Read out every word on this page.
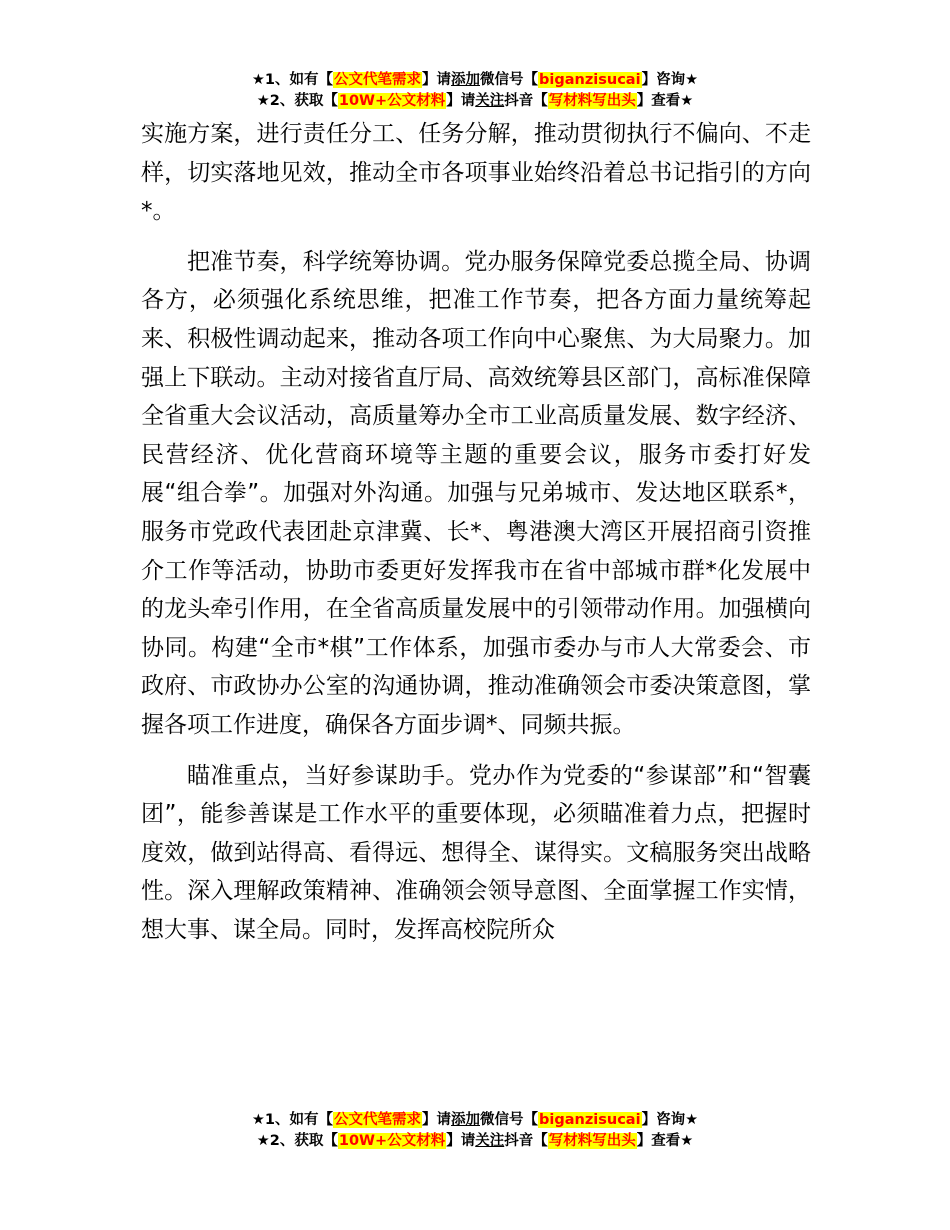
★1、如有【公文代笔需求】请添加微信号【biganzisucai】咨询★
★2、获取【10W+公文材料】请关注抖音【写材料写出头】查看★

实施方案，进行责任分工、任务分解，推动贯彻执行不偏向、不走样，切实落地见效，推动全市各项事业始终沿着总书记指引的方向*。

把准节奏，科学统筹协调。党办服务保障党委总揽全局、协调各方，必须强化系统思维，把准工作节奏，把各方面力量统筹起来、积极性调动起来，推动各项工作向中心聚焦、为大局聚力。加强上下联动。主动对接省直厅局、高效统筹县区部门，高标准保障全省重大会议活动，高质量筹办全市工业高质量发展、数字经济、民营经济、优化营商环境等主题的重要会议，服务市委打好发展“组合拳”。加强对外沟通。加强与兄弟城市、发达地区联系*，服务市党政代表团赴京津冀、长*、粤港澳大湾区开展招商引资推介工作等活动，协助市委更好发挥我市在省中部城市群*化发展中的龙头牵引作用，在全省高质量发展中的引领带动作用。加强横向协同。构建“全市*棋”工作体系，加强市委办与市人大常委会、市政府、市政协办公室的沟通协调，推动准确领会市委决策意图，掌握各项工作进度，确保各方面步调*、同频共振。

瞄准重点，当好参谋助手。党办作为党委的“参谋部”和“智囊团”，能参善谋是工作水平的重要体现，必须瞄准着力点，把握时度效，做到站得高、看得远、想得全、谋得实。文稿服务突出战略性。深入理解政策精神、准确领会领导意图、全面掌握工作实情，想大事、谋全局。同时，发挥高校院所众

★1、如有【公文代笔需求】请添加微信号【biganzisucai】咨询★
★2、获取【10W+公文材料】请关注抖音【写材料写出头】查看★
